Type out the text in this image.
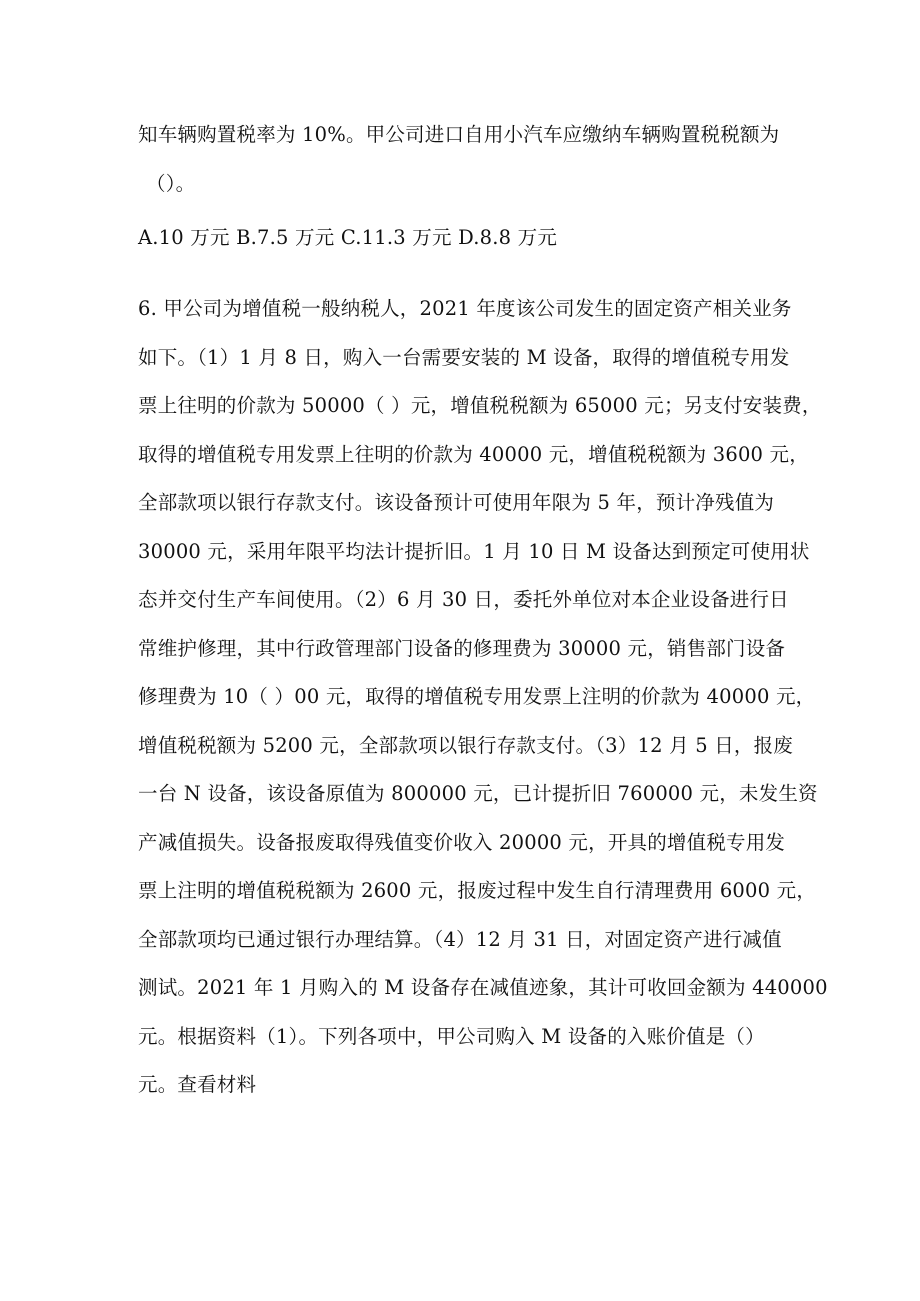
知车辆购置税率为 10%。甲公司进口自用小汽车应缴纳车辆购置税税额为
（）。
A.10 万元 B.7.5 万元 C.11.3 万元 D.8.8 万元
6. 甲公司为增值税一般纳税人，2021 年度该公司发生的固定资产相关业务
如下。（1）1 月 8 日，购入一台需要安装的 M 设备，取得的增值税专用发
票上往明的价款为 50000（ ）元，增值税税额为 65000 元；另支付安装费，
取得的增值税专用发票上往明的价款为 40000 元，增值税税额为 3600 元，
全部款项以银行存款支付。该设备预计可使用年限为 5 年，预计净残值为
30000 元，采用年限平均法计提折旧。1 月 10 日 M 设备达到预定可使用状
态并交付生产车间使用。（2）6 月 30 日，委托外单位对本企业设备进行日
常维护修理，其中行政管理部门设备的修理费为 30000 元，销售部门设备
修理费为 10（ ）00 元，取得的增值税专用发票上注明的价款为 40000 元，
增值税税额为 5200 元，全部款项以银行存款支付。（3）12 月 5 日，报废
一台 N 设备，该设备原值为 800000 元，已计提折旧 760000 元，未发生资
产减值损失。设备报废取得残值变价收入 20000 元，开具的增值税专用发
票上注明的增值税税额为 2600 元，报废过程中发生自行清理费用 6000 元，
全部款项均已通过银行办理结算。（4）12 月 31 日，对固定资产进行减值
测试。2021 年 1 月购入的 M 设备存在减值迹象，其计可收回金额为 440000
元。根据资料（1）。下列各项中，甲公司购入 M 设备的入账价值是（）
元。查看材料
